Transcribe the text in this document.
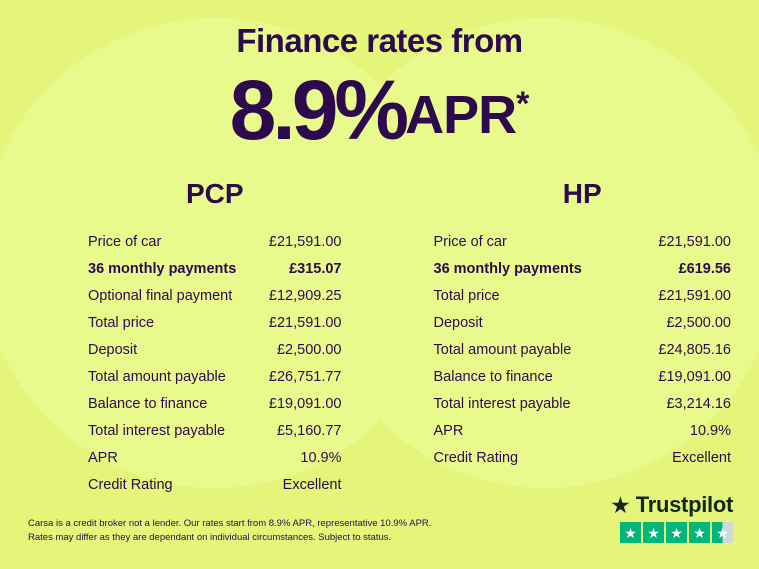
Finance rates from
8.9%APR*
PCP
Price of car	£21,591.00
36 monthly payments	£315.07
Optional final payment	£12,909.25
Total price	£21,591.00
Deposit	£2,500.00
Total amount payable	£26,751.77
Balance to finance	£19,091.00
Total interest payable	£5,160.77
APR	10.9%
Credit Rating	Excellent
HP
Price of car	£21,591.00
36 monthly payments	£619.56
Total price	£21,591.00
Deposit	£2,500.00
Total amount payable	£24,805.16
Balance to finance	£19,091.00
Total interest payable	£3,214.16
APR	10.9%
Credit Rating	Excellent
Carsa is a credit broker not a lender. Our rates start from 8.9% APR, representative 10.9% APR.
Rates may differ as they are dependant on individual circumstances. Subject to status.
★ Trustpilot
★ ★ ★ ★ ★
